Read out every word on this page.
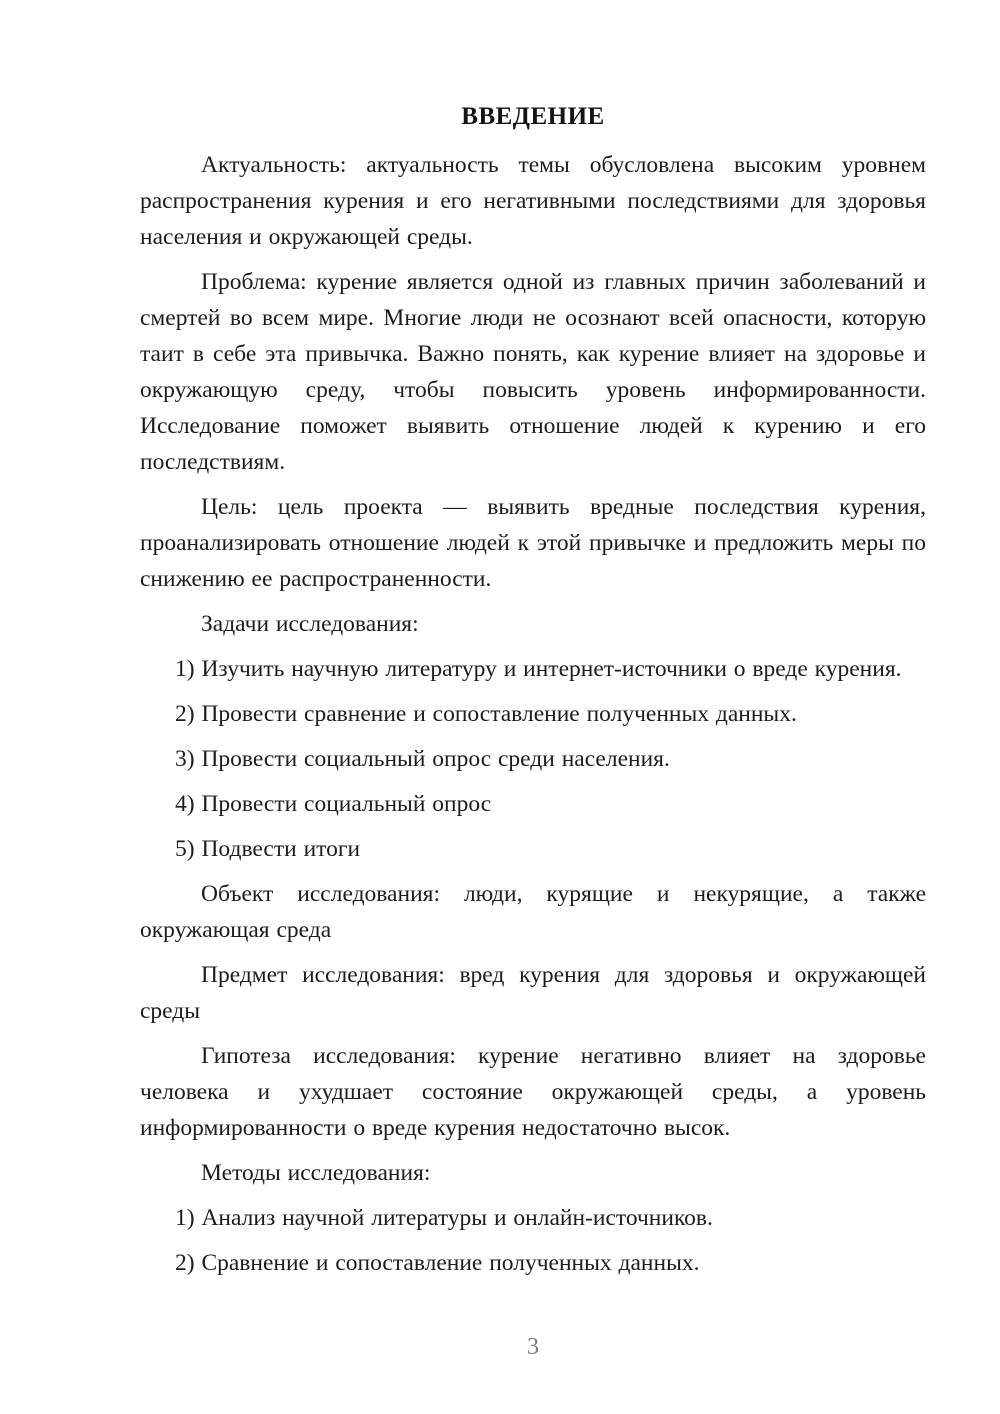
ВВЕДЕНИЕ

Актуальность: актуальность темы обусловлена высоким уровнем распространения курения и его негативными последствиями для здоровья населения и окружающей среды.

Проблема: курение является одной из главных причин заболеваний и смертей во всем мире. Многие люди не осознают всей опасности, которую таит в себе эта привычка. Важно понять, как курение влияет на здоровье и окружающую среду, чтобы повысить уровень информированности. Исследование поможет выявить отношение людей к курению и его последствиям.

Цель: цель проекта — выявить вредные последствия курения, проанализировать отношение людей к этой привычке и предложить меры по снижению ее распространенности.

Задачи исследования:

1) Изучить научную литературу и интернет-источники о вреде курения.

2) Провести сравнение и сопоставление полученных данных.

3) Провести социальный опрос среди населения.

4) Провести социальный опрос

5) Подвести итоги

Объект исследования: люди, курящие и некурящие, а также окружающая среда

Предмет исследования: вред курения для здоровья и окружающей среды

Гипотеза исследования: курение негативно влияет на здоровье человека и ухудшает состояние окружающей среды, а уровень информированности о вреде курения недостаточно высок.

Методы исследования:

1) Анализ научной литературы и онлайн-источников.

2) Сравнение и сопоставление полученных данных.

3
